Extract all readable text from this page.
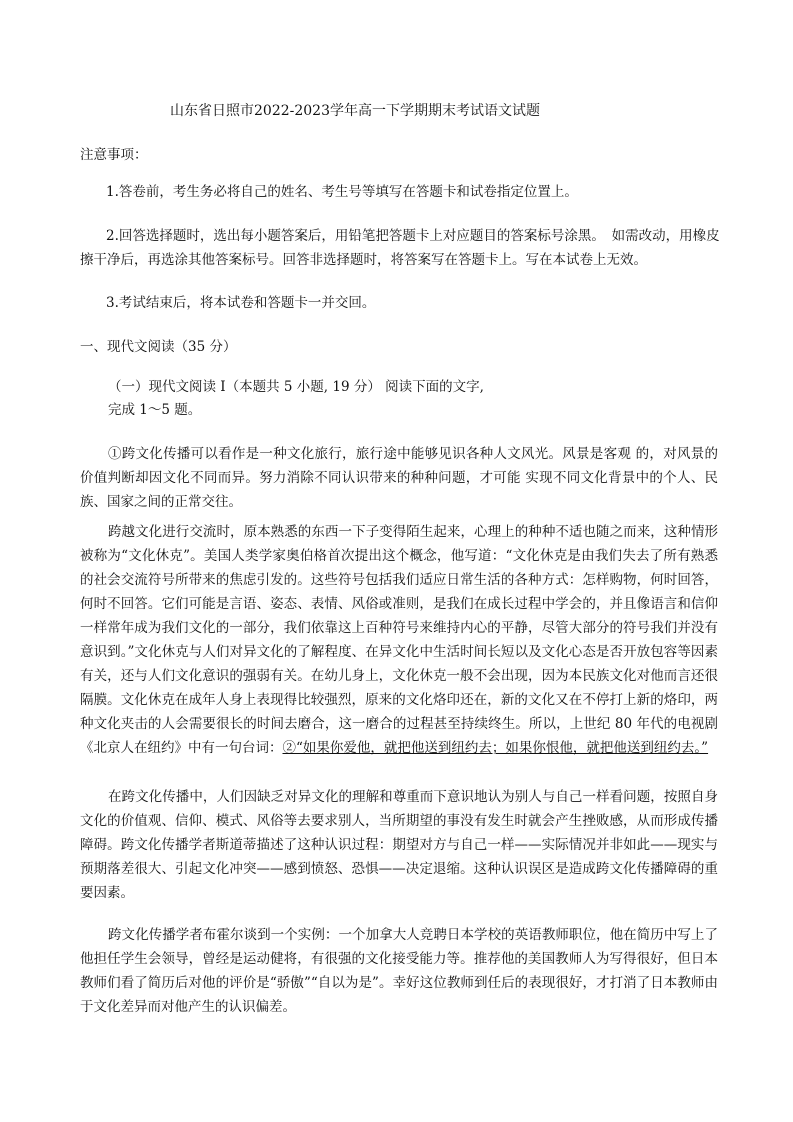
山东省日照市2022-2023学年高一下学期期末考试语文试题
注意事项：
1.答卷前，考生务必将自己的姓名、考生号等填写在答题卡和试卷指定位置上。
2.回答选择题时，选出每小题答案后，用铅笔把答题卡上对应题目的答案标号涂黑。　如需改动，用橡皮擦干净后，再选涂其他答案标号。回答非选择题时，将答案写在答题卡上。写在本试卷上无效。
3.考试结束后，将本试卷和答题卡一并交回。
一、现代文阅读（35 分）
（一）现代文阅读 I（本题共 5 小题, 19 分） 阅读下面的文字,
完成 1～5 题。
①跨文化传播可以看作是一种文化旅行，旅行途中能够见识各种人文风光。风景是客观 的，对风景的价值判断却因文化不同而异。努力消除不同认识带来的种种问题，才可能 实现不同文化背景中的个人、民族、国家之间的正常交往。
跨越文化进行交流时，原本熟悉的东西一下子变得陌生起来，心理上的种种不适也随之而来，这种情形被称为“文化休克”。美国人类学家奥伯格首次提出这个概念，他写道：“文化休克是由我们失去了所有熟悉的社会交流符号所带来的焦虑引发的。这些符号包括我们适应日常生活的各种方式：怎样购物，何时回答，何时不回答。它们可能是言语、姿态、表情、风俗或准则，是我们在成长过程中学会的，并且像语言和信仰一样常年成为我们文化的一部分，我们依靠这上百种符号来维持内心的平静，尽管大部分的符号我们并没有意识到。”文化休克与人们对异文化的了解程度、在异文化中生活时间长短以及文化心态是否开放包容等因素有关，还与人们文化意识的强弱有关。在幼儿身上，文化休克一般不会出现，因为本民族文化对他而言还很隔膜。文化休克在成年人身上表现得比较强烈，原来的文化烙印还在，新的文化又在不停打上新的烙印，两种文化夹击的人会需要很长的时间去磨合，这一磨合的过程甚至持续终生。所以，上世纪 80 年代的电视剧《北京人在纽约》中有一句台词：②“如果你爱他，就把他送到纽约去；如果你恨他，就把他送到纽约去。”
在跨文化传播中，人们因缺乏对异文化的理解和尊重而下意识地认为别人与自己一样看问题，按照自身文化的价值观、信仰、模式、风俗等去要求别人，当所期望的事没有发生时就会产生挫败感，从而形成传播障碍。跨文化传播学者斯道蒂描述了这种认识过程：期望对方与自己一样——实际情况并非如此——现实与预期落差很大、引起文化冲突——感到愤怒、恐惧——决定退缩。这种认识误区是造成跨文化传播障碍的重要因素。
跨文化传播学者布霍尔谈到一个实例：一个加拿大人竞聘日本学校的英语教师职位，他在简历中写上了他担任学生会领导，曾经是运动健将，有很强的文化接受能力等。推荐他的美国教师人为写得很好，但日本教师们看了简历后对他的评价是“骄傲”“自以为是”。幸好这位教师到任后的表现很好，才打消了日本教师由于文化差异而对他产生的认识偏差。
